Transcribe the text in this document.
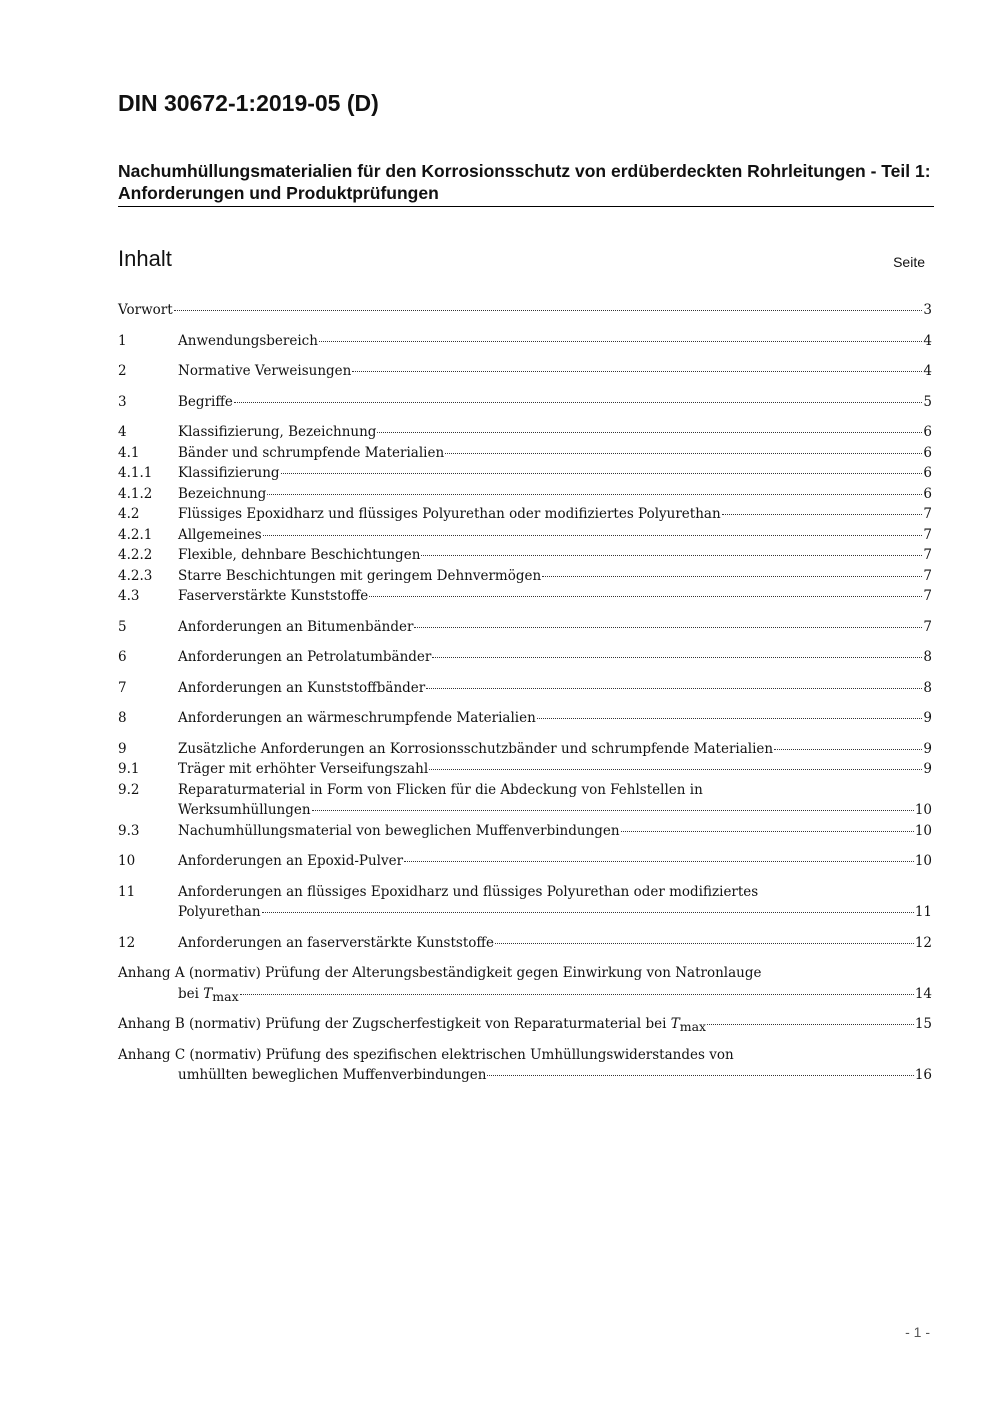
DIN 30672-1:2019-05 (D)
Nachumhüllungsmaterialien für den Korrosionsschutz von erdüberdeckten Rohrleitungen - Teil 1: Anforderungen und Produktprüfungen
Inhalt	Seite
Vorwort	3
1	Anwendungsbereich	4
2	Normative Verweisungen	4
3	Begriffe	5
4	Klassifizierung, Bezeichnung	6
4.1	Bänder und schrumpfende Materialien	6
4.1.1 Klassifizierung	6
4.1.2 Bezeichnung	6
4.2	Flüssiges Epoxidharz und flüssiges Polyurethan oder modifiziertes Polyurethan	7
4.2.1 Allgemeines	7
4.2.2 Flexible, dehnbare Beschichtungen	7
4.2.3 Starre Beschichtungen mit geringem Dehnvermögen	7
4.3	Faserverstärkte Kunststoffe	7
5	Anforderungen an Bitumenbänder	7
6	Anforderungen an Petrolatumbänder	8
7	Anforderungen an Kunststoffbänder	8
8	Anforderungen an wärmeschrumpfende Materialien	9
9	Zusätzliche Anforderungen an Korrosionsschutzbänder und schrumpfende Materialien	9
9.1	Träger mit erhöhter Verseifungszahl	9
9.2	Reparaturmaterial in Form von Flicken für die Abdeckung von Fehlstellen in
Werksumhüllungen	10
9.3	Nachumhüllungsmaterial von beweglichen Muffenverbindungen	10
10	Anforderungen an Epoxid-Pulver	10
11	Anforderungen an flüssiges Epoxidharz und flüssiges Polyurethan oder modifiziertes
Polyurethan	11
12	Anforderungen an faserverstärkte Kunststoffe	12
Anhang A (normativ) Prüfung der Alterungsbeständigkeit gegen Einwirkung von Natronlauge
bei Tmax	14
Anhang B (normativ) Prüfung der Zugscherfestigkeit von Reparaturmaterial bei Tmax	15
Anhang C (normativ) Prüfung des spezifischen elektrischen Umhüllungswiderstandes von
umhüllten beweglichen Muffenverbindungen	16
- 1 -
